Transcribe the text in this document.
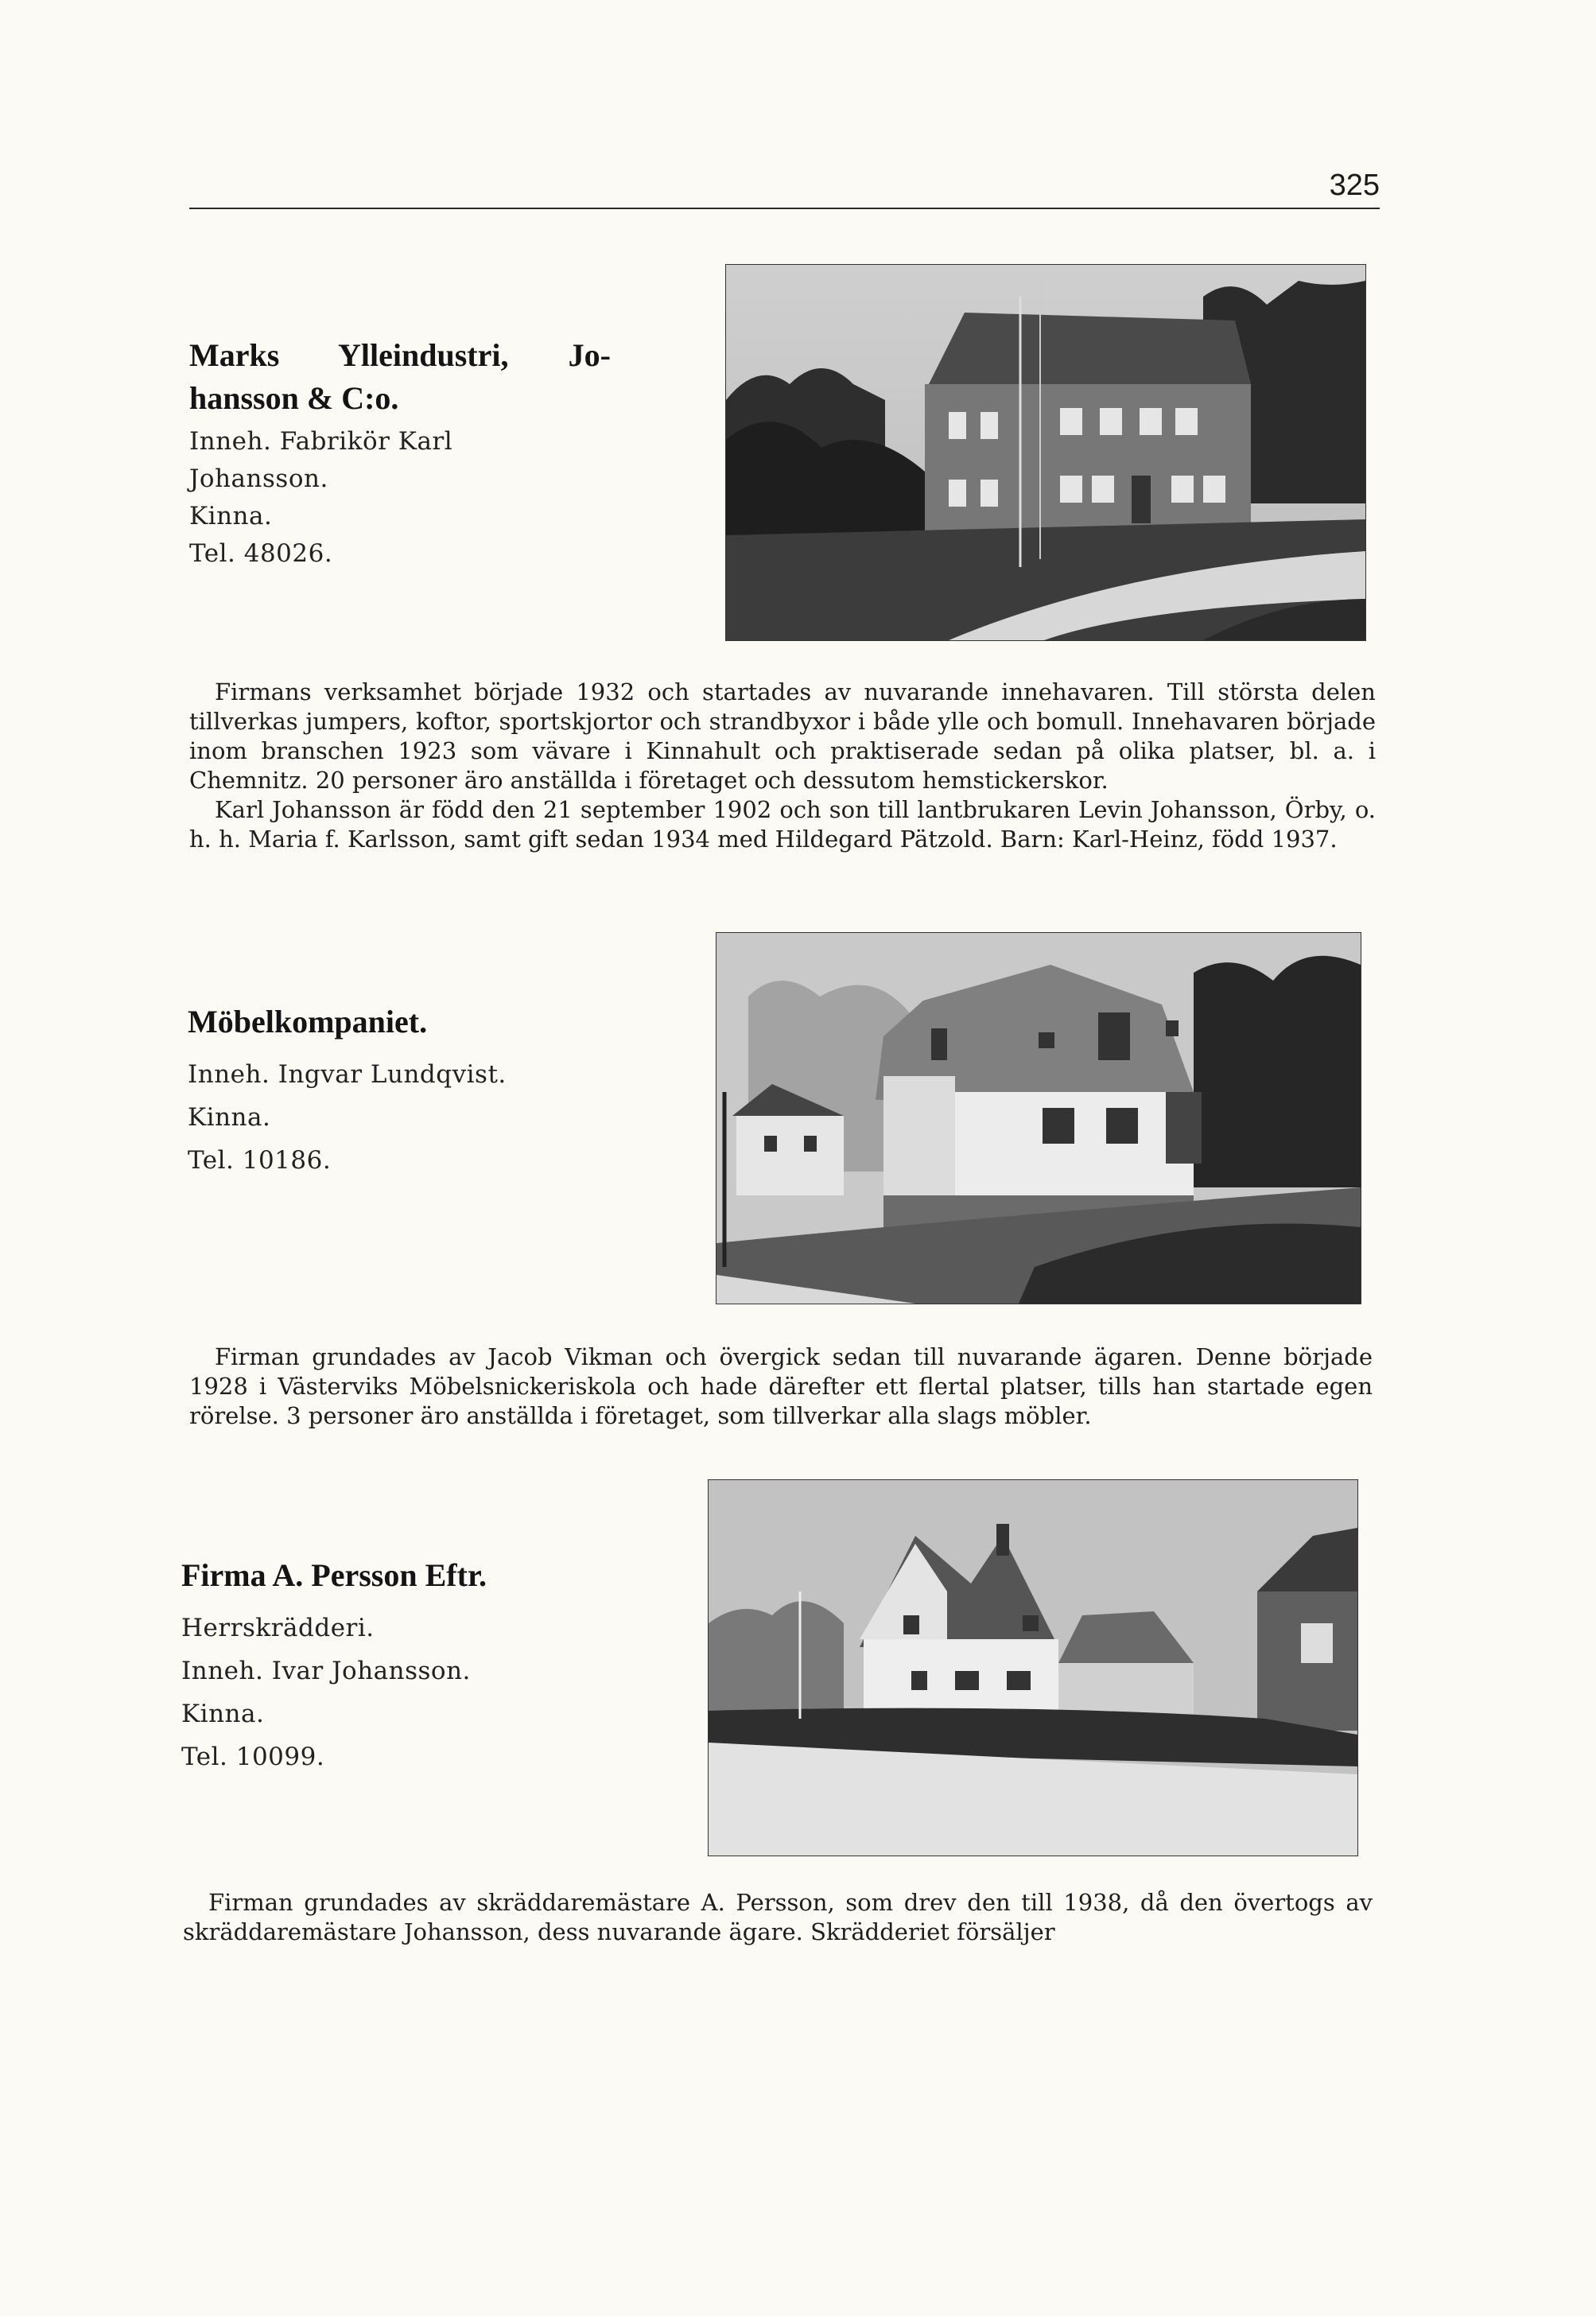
325
Marks Ylleindustri, Jo-
hansson & C:o.
Inneh. Fabrikör Karl
Johansson.
Kinna.
Tel. 48026.

Firmans verksamhet började 1932 och startades av nuvarande innehavaren. Till största delen tillverkas jumpers, koftor, sportskjortor och strandbyxor i både ylle och bomull. Innehavaren började inom branschen 1923 som vävare i Kinnahult och praktiserade sedan på olika platser, bl. a. i Chemnitz. 20 personer äro anställda i företaget och dessutom hemstickerskor.

Karl Johansson är född den 21 september 1902 och son till lantbrukaren Levin Johansson, Örby, o. h. h. Maria f. Karlsson, samt gift sedan 1934 med Hildegard Pätzold. Barn: Karl-Heinz, född 1937.

Möbelkompaniet.
Inneh. Ingvar Lundqvist.
Kinna.
Tel. 10186.

Firman grundades av Jacob Vikman och övergick sedan till nuvarande ägaren. Denne började 1928 i Västerviks Möbelsnickeriskola och hade därefter ett flertal platser, tills han startade egen rörelse. 3 personer äro anställda i företaget, som tillverkar alla slags möbler.

Firma A. Persson Eftr.
Herrskrädderi.
Inneh. Ivar Johansson.
Kinna.
Tel. 10099.

Firman grundades av skräddaremästare A. Persson, som drev den till 1938, då den övertogs av skräddaremästare Johansson, dess nuvarande ägare. Skrädderiet försäljer
